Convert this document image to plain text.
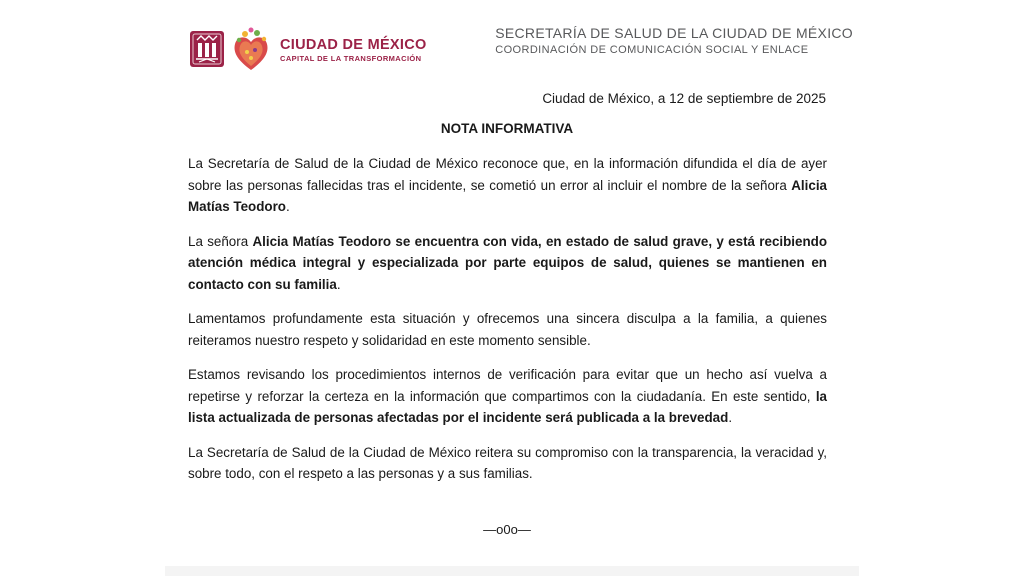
CIUDAD DE MÉXICO
CAPITAL DE LA TRANSFORMACIÓN
SECRETARÍA DE SALUD DE LA CIUDAD DE MÉXICO
COORDINACIÓN DE COMUNICACIÓN SOCIAL Y ENLACE
Ciudad de México, a 12 de septiembre de 2025
NOTA INFORMATIVA

La Secretaría de Salud de la Ciudad de México reconoce que, en la información difundida el día de ayer sobre las personas fallecidas tras el incidente, se cometió un error al incluir el nombre de la señora Alicia Matías Teodoro.

La señora Alicia Matías Teodoro se encuentra con vida, en estado de salud grave, y está recibiendo atención médica integral y especializada por parte equipos de salud, quienes se mantienen en contacto con su familia.

Lamentamos profundamente esta situación y ofrecemos una sincera disculpa a la familia, a quienes reiteramos nuestro respeto y solidaridad en este momento sensible.

Estamos revisando los procedimientos internos de verificación para evitar que un hecho así vuelva a repetirse y reforzar la certeza en la información que compartimos con la ciudadanía. En este sentido, la lista actualizada de personas afectadas por el incidente será publicada a la brevedad.

La Secretaría de Salud de la Ciudad de México reitera su compromiso con la transparencia, la veracidad y, sobre todo, con el respeto a las personas y a sus familias.

—o0o—
